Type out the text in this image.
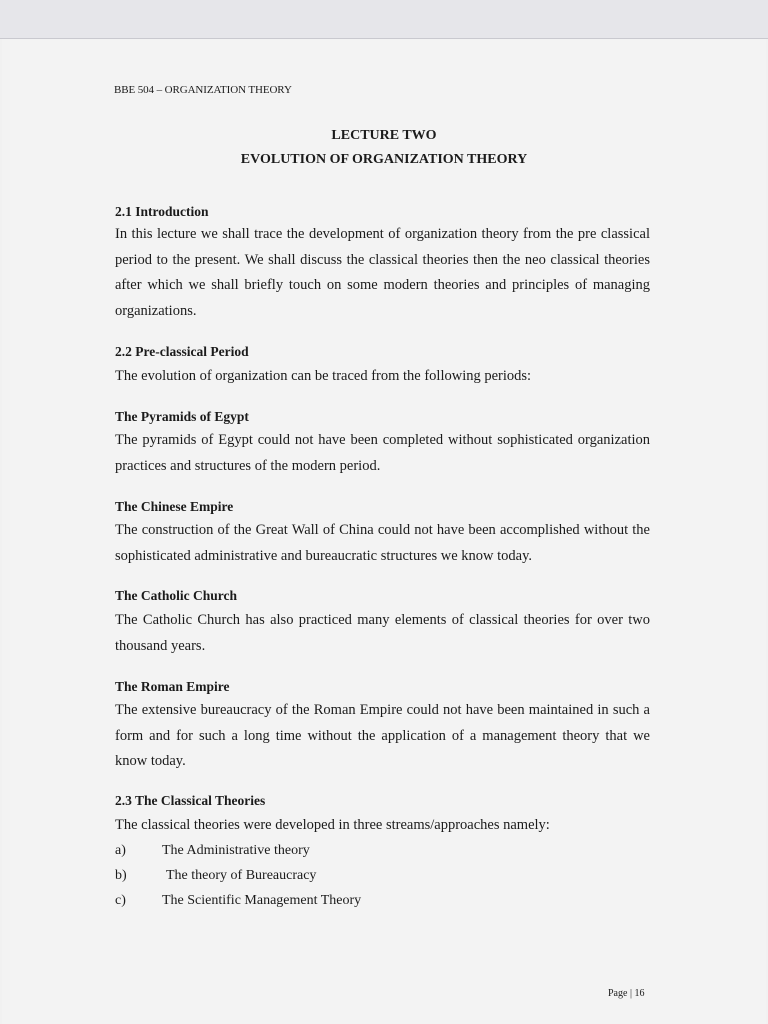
BBE 504 – ORGANIZATION THEORY
LECTURE TWO
EVOLUTION OF ORGANIZATION THEORY
2.1 Introduction

In this lecture we shall trace the development of organization theory from the pre classical period to the present. We shall discuss the classical theories then the neo classical theories after which we shall briefly touch on some modern theories and principles of managing organizations.

2.2 Pre-classical Period

The evolution of organization can be traced from the following periods:

The Pyramids of Egypt

The pyramids of Egypt could not have been completed without sophisticated organization practices and structures of the modern period.

The Chinese Empire

The construction of the Great Wall of China could not have been accomplished without the sophisticated administrative and bureaucratic structures we know today.

The Catholic Church

The Catholic Church has also practiced many elements of classical theories for over two thousand years.

The Roman Empire

The extensive bureaucracy of the Roman Empire could not have been maintained in such a form and for such a long time without the application of a management theory that we know today.

2.3 The Classical Theories

The classical theories were developed in three streams/approaches namely:

a)	The Administrative theory
b)	The theory of Bureaucracy
c)	The Scientific Management Theory
Page | 16
